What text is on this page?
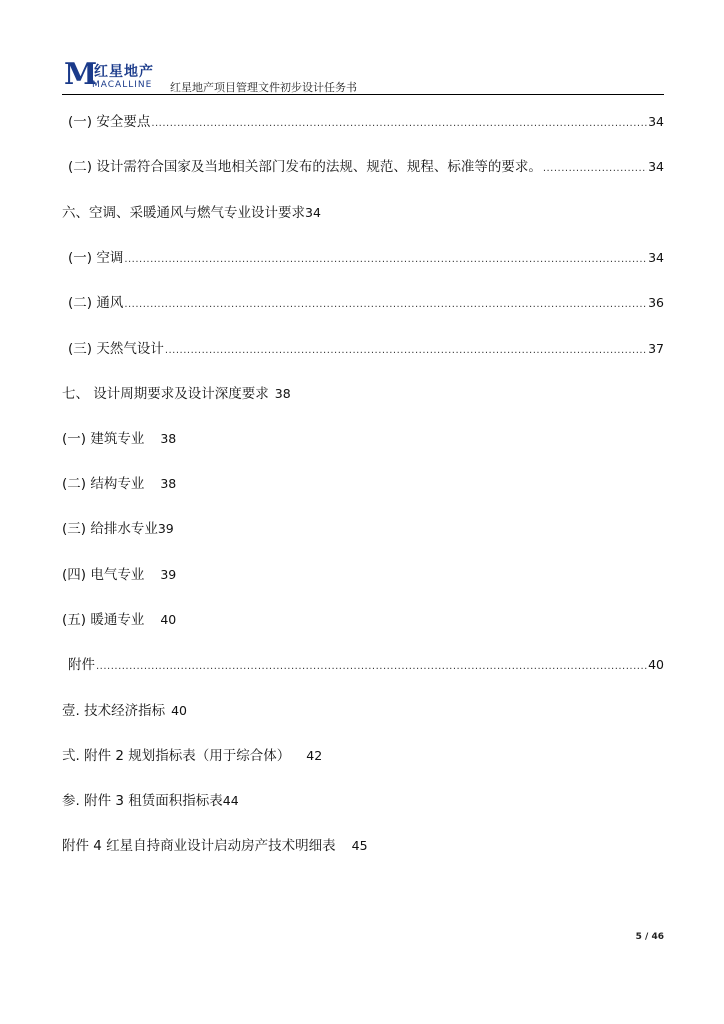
M
红星地产
MACALLINE 红星地产项目管理文件初步设计任务书
(一) 安全要点 .....	34
(二) 设计需符合国家及当地相关部门发布的法规、规范、规程、标准等的要求。 .....	34
六、空调、采暖通风与燃气专业设计要求 34
(一) 空调 .....	34
(二) 通风 .....	36
(三) 天然气设计 .....	37
七、 设计周期要求及设计深度要求 38
(一) 建筑专业 38
(二) 结构专业 38
(三) 给排水专业 39
(四) 电气专业 39
(五) 暖通专业 40
附件 .....	40
壹. 技术经济指标 40
弍. 附件 2 规划指标表（用于综合体） 42
参. 附件 3 租赁面积指标表 44
附件 4 红星自持商业设计启动房产技术明细表 45
5 / 46
